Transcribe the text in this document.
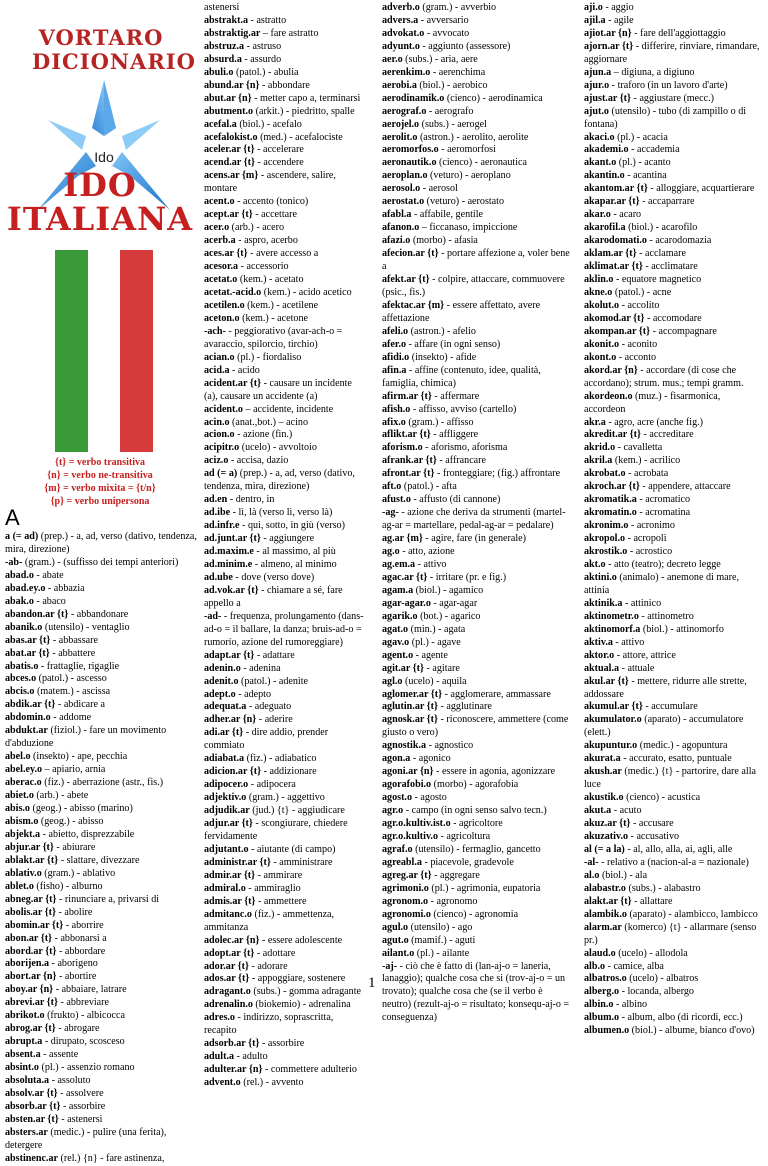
VORTARO
DICIONARIO
Ido
IDO
ITALIANA
{t} = verbo transitiva
{n} = verbo ne-transitiva
{m} = verbo mixita = {t/n}
{p} = verbo unipersona
A

a (= ad) (prep.) - a, ad, verso (dativo, tendenza, mira, direzione)

-ab- (gram.) - (suffisso dei tempi anteriori)

abad.o - abate

abad.ey.o - abbazia

abak.o - abaco

abandon.ar {t} - abbandonare

abanik.o (utensilo) - ventaglio

abas.ar {t} - abbassare

abat.ar {t} - abbattere

abatis.o - frattaglie, rigaglie

abces.o (patol.) - ascesso

abcis.o (matem.) - ascissa

abdik.ar {t} - abdicare a

abdomin.o - addome

abdukt.ar (fiziol.) - fare un movimento d'abduzione

abel.o (insekto) - ape, pecchia

abel.ey.o – apiario, arnia

aberac.o (fiz.) - aberrazione (astr., fis.)

abiet.o (arb.) - abete

abis.o (geog.) - abisso (marino)

abism.o (geog.) - abisso

abjekt.a - abietto, disprezzabile

abjur.ar {t} - abiurare

ablakt.ar {t} - slattare, divezzare

ablativ.o (gram.) - ablativo

ablet.o (fisho) - alburno

abneg.ar {t} - rinunciare a, privarsi di

abolis.ar {t} - abolire

abomin.ar {t} - aborrire

abon.ar {t} - abbonarsi a

abord.ar {t} - abbordare

aborijen.a - aborigeno

abort.ar {n} - abortire

aboy.ar {n} - abbaiare, latrare

abrevi.ar {t} - abbreviare

abrikot.o (frukto) - albicocca

abrog.ar {t} - abrogare

abrupt.a - dirupato, scosceso

absent.a - assente

absint.o (pl.) - assenzio romano

absoluta.a - assoluto

absolv.ar {t} - assolvere

absorb.ar {t} - assorbire

absten.ar {t} - astenersi

absters.ar (medic.) - pulire (una ferita), detergere

abstinenc.ar (rel.) {n} - fare astinenza,

astenersi

abstrakt.a - astratto

abstraktig.ar – fare astratto

abstruz.a - astruso

absurd.a - assurdo

abuli.o (patol.) - abulia

abund.ar {n} - abbondare

abut.ar {n} - metter capo a, terminarsi

abutment.o (arkit.) - piedritto, spalle

acefal.a (biol.) - acefalo

acefalokist.o (med.) - acefalociste

aceler.ar {t} - accelerare

acend.ar {t} - accendere

acens.ar {m} - ascendere, salire, montare

acent.o - accento (tonico)

acept.ar {t} - accettare

acer.o (arb.) - acero

acerb.a - aspro, acerbo

aces.ar {t} - avere accesso a

acesor.a - accessorio

acetat.o (kem.) - acetato

acetat.-acid.o (kem.) - acido acetico

acetilen.o (kem.) - acetilene

aceton.o (kem.) - acetone

-ach- - peggiorativo (avar-ach-o = avaraccio, spilorcio, tirchio)

acian.o (pl.) - fiordaliso

acid.a - acido

acident.ar {t} - causare un incidente (a), causare un accidente (a)

acident.o – accidente, incidente

acin.o (anat.,bot.) – acino

acion.o - azione (fin.)

acipitr.o (ucelo) - avvoltoio

aciz.o - accisa, dazio

ad (= a) (prep.) - a, ad, verso (dativo, tendenza, mira, direzione)

ad.en - dentro, in

ad.ibe - lì, là (verso lì, verso là)

ad.infr.e - qui, sotto, in giù (verso)

ad.junt.ar {t} - aggiungere

ad.maxim.e - al massimo, al più

ad.minim.e - almeno, al minimo

ad.ube - dove (verso dove)

ad.vok.ar {t} - chiamare a sé, fare appello a

-ad- - frequenza, prolungamento (dans-ad-o = il ballare, la danza; bruis-ad-o = rumorío, azione del rumoreggiare)

adapt.ar {t} - adattare

adenin.o - adenina

adenit.o (patol.) - adenite

adept.o - adepto

adequat.a - adeguato

adher.ar {n} - aderire

adi.ar {t} - dire addio, prender commiato

adiabat.a (fiz.) - adiabatico

adicion.ar {t} - addizionare

adipocer.o - adipocera

adjektiv.o (gram.) - aggettivo

adjudik.ar (jud.) {t} - aggiudicare

adjur.ar {t} - scongiurare, chiedere fervidamente

adjutant.o - aiutante (di campo)

administr.ar {t} - amministrare

admir.ar {t} - ammirare

admiral.o - ammiraglio

admis.ar {t} - ammettere

admitanc.o (fiz.) - ammettenza, ammitanza

adolec.ar {n} - essere adolescente

adopt.ar {t} - adottare

ador.ar {t} - adorare

ados.ar {t} - appoggiare, sostenere

adragant.o (subs.) - gomma adragante

adrenalin.o (biokemio) - adrenalina

adres.o - indirizzo, soprascritta, recapito

adsorb.ar {t} - assorbire

adult.a - adulto

adulter.ar {n} - commettere adulterio

advent.o (rel.) - avvento

adverb.o (gram.) - avverbio

advers.a - avversario

advokat.o - avvocato

adyunt.o - aggiunto (assessore)

aer.o (subs.) - aria, aere

aerenkim.o - aerenchima

aerobi.a (biol.) - aerobico

aerodinamik.o (cienco) - aerodinamica

aerograf.o - aerografo

aerojel.o (subs.) - aerogel

aerolit.o (astron.) - aerolito, aerolite

aeromorfos.o - aeromorfosi

aeronautik.o (cienco) - aeronautica

aeroplan.o (veturo) - aeroplano

aerosol.o - aerosol

aerostat.o (veturo) - aerostato

afabl.a - affabile, gentile

afanon.o – ficcanaso, impiccione

afazi.o (morbo) - afasia

afecion.ar {t} - portare affezione a, voler bene a

afekt.ar {t} - colpire, attaccare, commuovere (psic., fis.)

afektac.ar {m} - essere affettato, avere affettazione

afeli.o (astron.) - afelio

afer.o - affare (in ogni senso)

afidi.o (insekto) - afide

afin.a - affine (contenuto, idee, qualità, famiglia, chimica)

afirm.ar {t} - affermare

afish.o - affisso, avviso (cartello)

afix.o (gram.) - affisso

aflikt.ar {t} - affliggere

aforism.o - aforismo, aforisma

afrank.ar {t} - affrancare

afront.ar {t} - fronteggiare; (fig.) affrontare

aft.o (patol.) - afta

afust.o - affusto (di cannone)

-ag- - azione che deriva da strumenti (martel-ag-ar = martellare, pedal-ag-ar = pedalare)

ag.ar {m} - agire, fare (in generale)

ag.o - atto, azione

ag.em.a - attivo

agac.ar {t} - irritare (pr. e fig.)

agam.a (biol.) - agamico

agar-agar.o - agar-agar

agarik.o (bot.) - agarico

agat.o (min.) - agata

agav.o (pl.) - agave

agent.o - agente

agit.ar {t} - agitare

agl.o (ucelo) - aquila

aglomer.ar {t} - agglomerare, ammassare

aglutin.ar {t} - agglutinare

agnosk.ar {t} - riconoscere, ammettere (come giusto o vero)

agnostik.a - agnostico

agon.a - agonico

agoni.ar {n} - essere in agonia, agonizzare

agorafobi.o (morbo) - agorafobia

agost.o - agosto

agr.o - campo (in ogni senso salvo tecn.)

agr.o.kultiv.ist.o - agricoltore

agr.o.kultiv.o - agricoltura

agraf.o (utensilo) - fermaglio, gancetto

agreabl.a - piacevole, gradevole

agreg.ar {t} - aggregare

agrimoni.o (pl.) - agrimonia, eupatoria

agronom.o - agronomo

agronomi.o (cienco) - agronomia

agul.o (utensilo) - ago

agut.o (mamif.) - aguti

ailant.o (pl.) - ailante

-aj- - ciò che è fatto di (lan-aj-o = laneria, lanaggio); qualche cosa che si (trov-aj-o = un trovato); qualche cosa che (se il verbo è neutro) (rezult-aj-o = risultato; konsequ-aj-o = conseguenza)

aji.o - aggio

ajil.a - agile

ajiot.ar {n} - fare dell'aggiottaggio

ajorn.ar {t} - differire, rinviare, rimandare, aggiornare

ajun.a – digiuna, a digiuno

ajur.o - traforo (in un lavoro d'arte)

ajust.ar {t} - aggiustare (mecc.)

ajut.o (utensilo) - tubo (di zampillo o di fontana)

akaci.o (pl.) - acacia

akademi.o - accademia

akant.o (pl.) - acanto

akantin.o - acantina

akantom.ar {t} - alloggiare, acquartierare

akapar.ar {t} - accaparrare

akar.o - acaro

akarofil.a (biol.) - acarofilo

akarodomati.o - acarodomazia

aklam.ar {t} - acclamare

aklimat.ar {t} - acclimatare

aklin.o - equatore magnetico

akne.o (patol.) - acne

akolut.o - accolito

akomod.ar {t} - accomodare

akompan.ar {t} - accompagnare

akonit.o - aconito

akont.o - acconto

akord.ar {n} - accordare (di cose che accordano); strum. mus.; tempi gramm.

akordeon.o (muz.) - fisarmonica, accordeon

akr.a - agro, acre (anche fig.)

akredit.ar {t} - accreditare

akrid.o - cavalletta

akril.a (kem.) - acrilico

akrobat.o - acrobata

akroch.ar {t} - appendere, attaccare

akromatik.a - acromatico

akromatin.o - acromatina

akronim.o - acronimo

akropol.o - acropoli

akrostik.o - acrostico

akt.o - atto (teatro); decreto legge

aktini.o (animalo) - anemone di mare, attinia

aktinik.a - attinico

aktinometr.o - attinometro

aktinomorf.a (biol.) - attinomorfo

aktiv.a - attivo

aktor.o - attore, attrice

aktual.a - attuale

akul.ar {t} - mettere, ridurre alle strette, addossare

akumul.ar {t} - accumulare

akumulator.o (aparato) - accumulatore (elett.)

akupuntur.o (medic.) - agopuntura

akurat.a - accurato, esatto, puntuale

akush.ar (medic.) {t} - partorire, dare alla luce

akustik.o (cienco) - acustica

akut.a - acuto

akuz.ar {t} - accusare

akuzativ.o - accusativo

al (= a la) - al, allo, alla, ai, agli, alle

-al- - relativo a (nacion-al-a = nazionale)

al.o (biol.) - ala

alabastr.o (subs.) - alabastro

alakt.ar {t} - allattare

alambik.o (aparato) - alambicco, lambicco

alarm.ar (komerco) {t} - allarmare (senso pr.)

alaud.o (ucelo) - allodola

alb.o - camice, alba

albatros.o (ucelo) - albatros

alberg.o - locanda, albergo

albin.o - albino

album.o - album, albo (di ricordi, ecc.)

albumen.o (biol.) - albume, bianco d'ovo)

1
